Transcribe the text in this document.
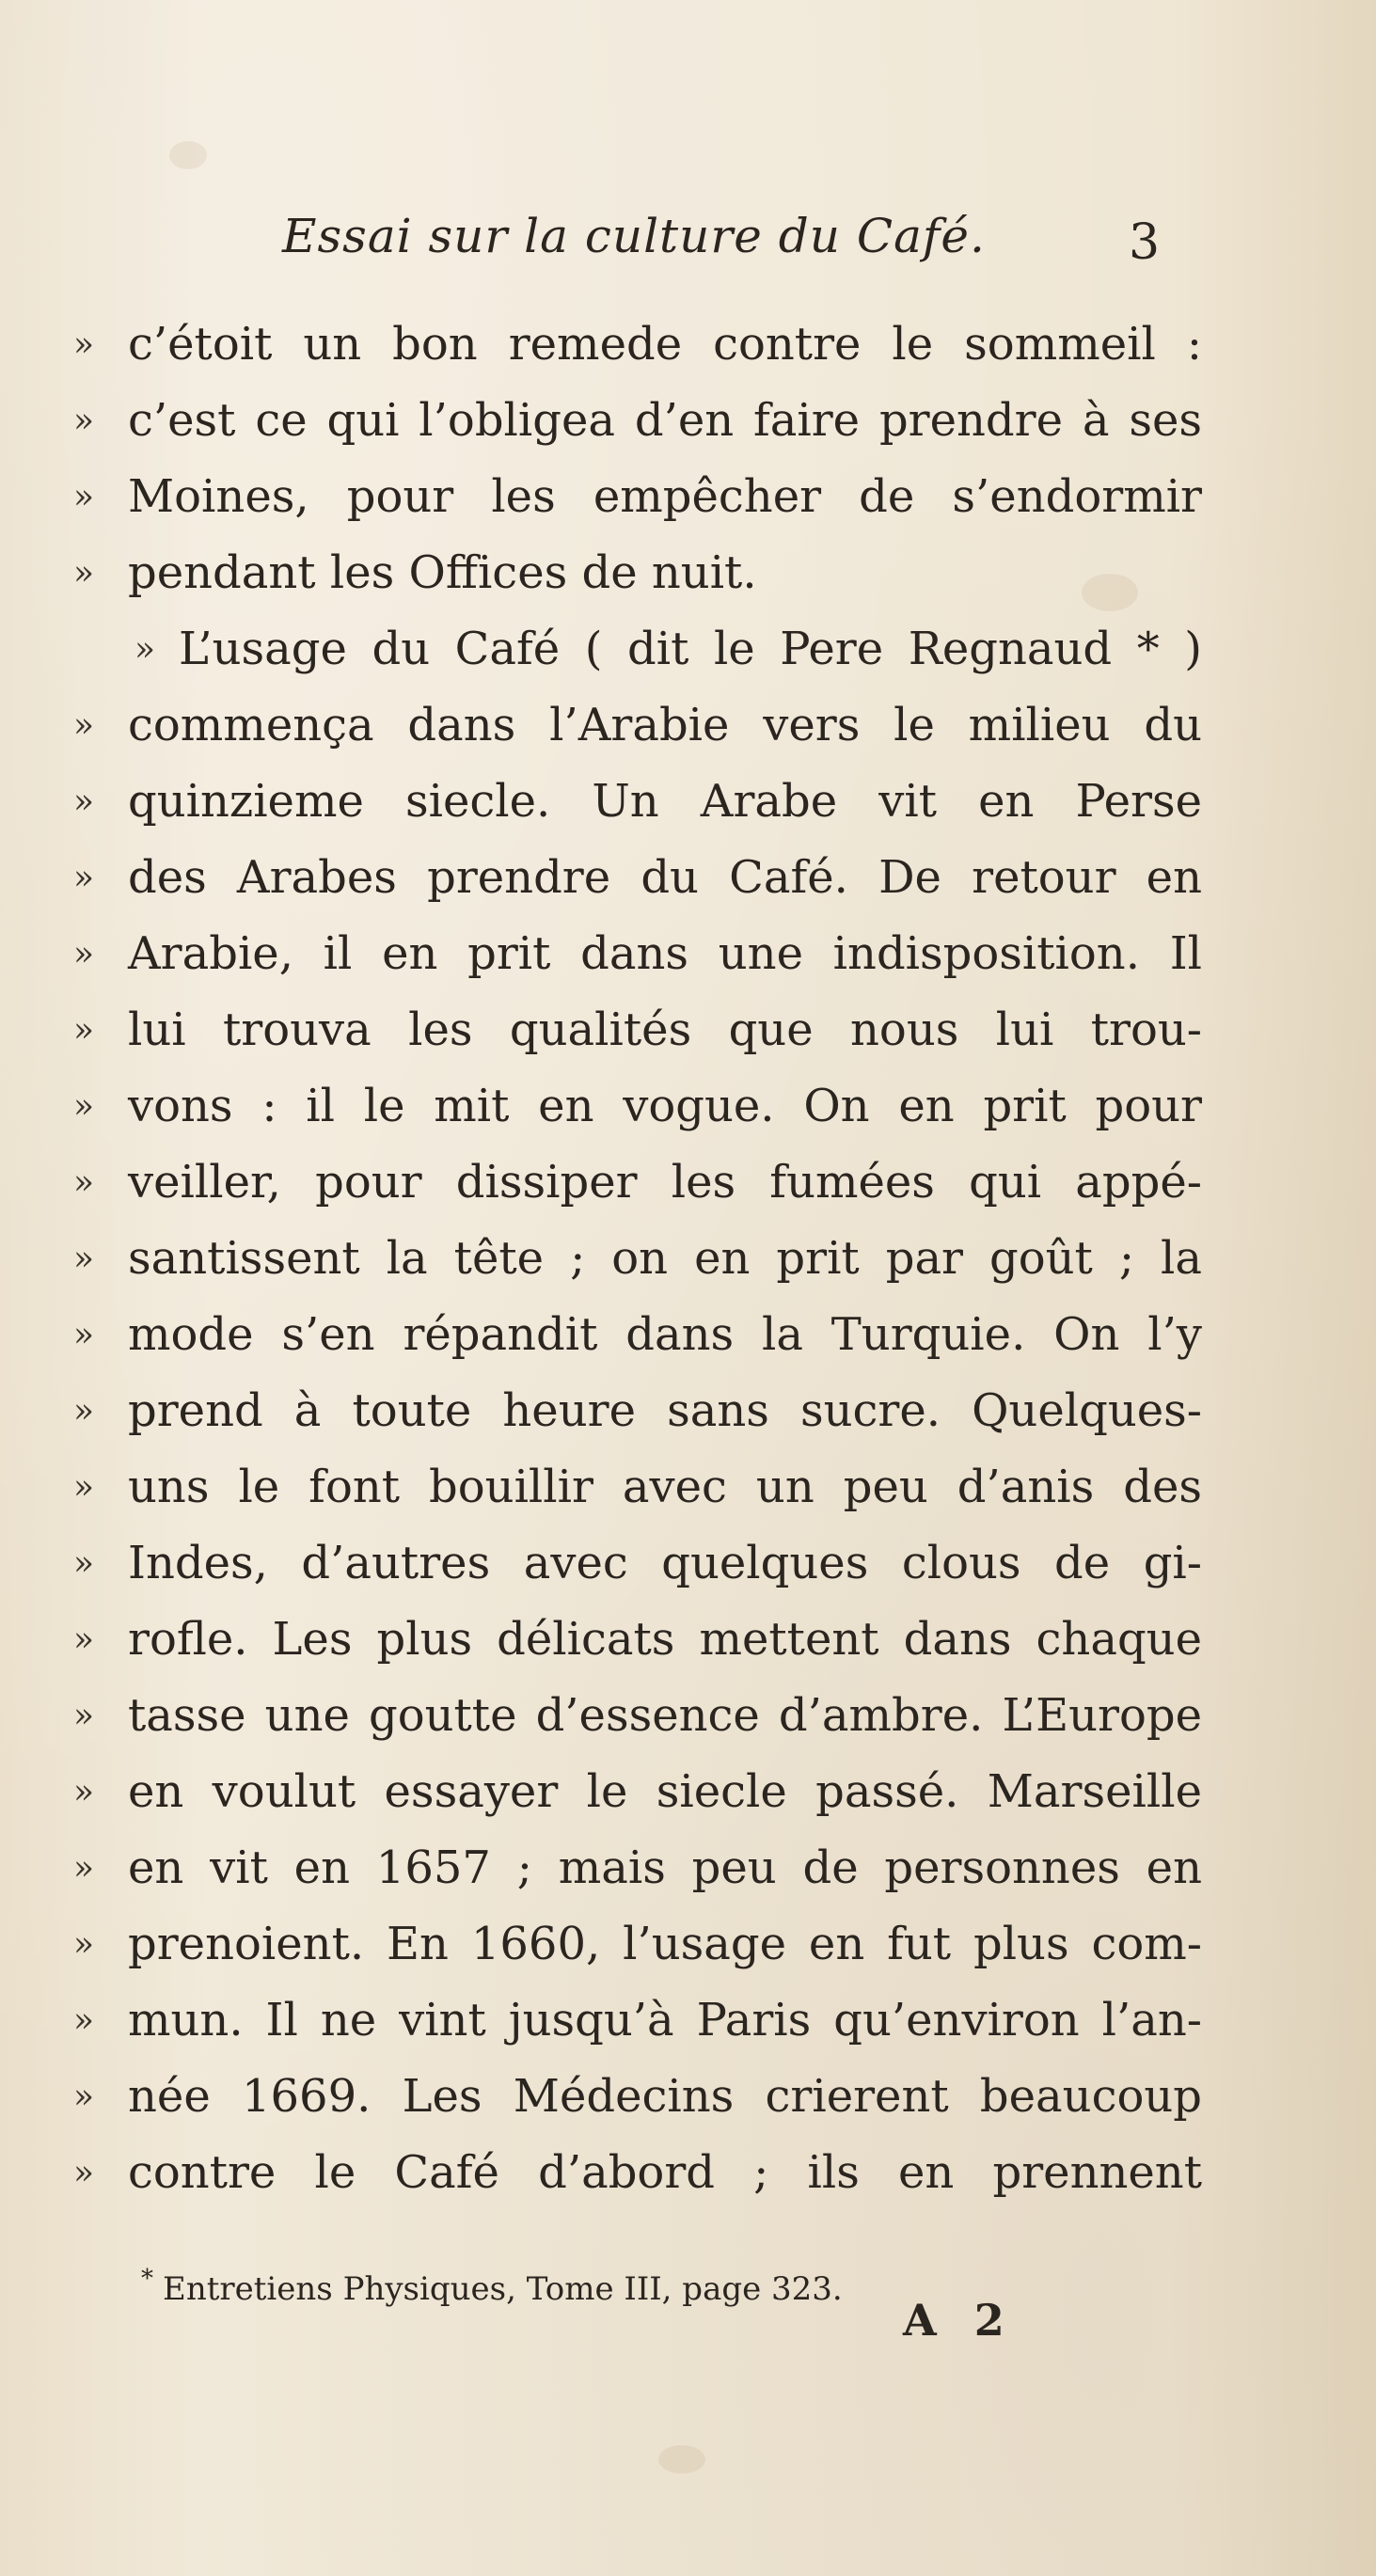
Essai sur la culture du Café.	3
» c’étoit un bon remede contre le sommeil :
» c’est ce qui l’obligea d’en faire prendre à ses
» Moines, pour les empêcher de s’endormir
» pendant les Offices de nuit.
» L’usage du Café ( dit le Pere Regnaud * )
» commença dans l’Arabie vers le milieu du
» quinzieme siecle. Un Arabe vit en Perse
» des Arabes prendre du Café. De retour en
» Arabie, il en prit dans une indisposition. Il
» lui trouva les qualités que nous lui trou-
» vons : il le mit en vogue. On en prit pour
» veiller, pour dissiper les fumées qui appé-
» santissent la tête ; on en prit par goût ; la
» mode s’en répandit dans la Turquie. On l’y
» prend à toute heure sans sucre. Quelques-
» uns le font bouillir avec un peu d’anis des
» Indes, d’autres avec quelques clous de gi-
» rofle. Les plus délicats mettent dans chaque
» tasse une goutte d’essence d’ambre. L’Europe
» en voulut essayer le siecle passé. Marseille
» en vit en 1657 ; mais peu de personnes en
» prenoient. En 1660, l’usage en fut plus com-
» mun. Il ne vint jusqu’à Paris qu’environ l’an-
» née 1669. Les Médecins crierent beaucoup
» contre le Café d’abord ; ils en prennent
* Entretiens Physiques, Tome III, page 323.
A 2
